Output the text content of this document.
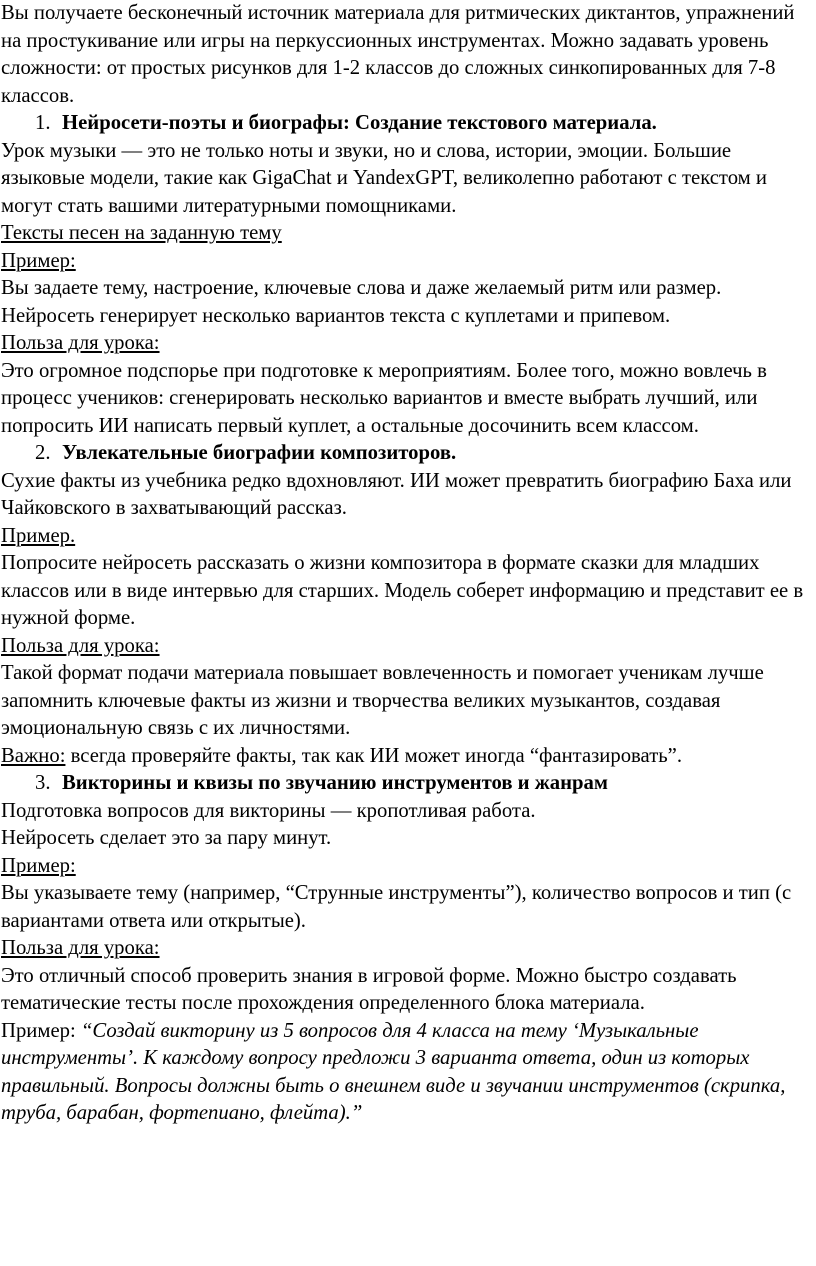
Вы получаете бесконечный источник материала для ритмических диктантов, упражнений на простукивание или игры на перкуссионных инструментах. Можно задавать уровень сложности: от простых рисунков для 1-2 классов до сложных синкопированных для 7-8 классов.

1. Нейросети-поэты и биографы: Создание текстового материала.

Урок музыки — это не только ноты и звуки, но и слова, истории, эмоции. Большие языковые модели, такие как GigaChat и YandexGPT, великолепно работают с текстом и могут стать вашими литературными помощниками.

Тексты песен на заданную тему

Пример:

Вы задаете тему, настроение, ключевые слова и даже желаемый ритм или размер. Нейросеть генерирует несколько вариантов текста с куплетами и припевом.

Польза для урока:

Это огромное подспорье при подготовке к мероприятиям. Более того, можно вовлечь в процесс учеников: сгенерировать несколько вариантов и вместе выбрать лучший, или попросить ИИ написать первый куплет, а остальные досочинить всем классом.

2. Увлекательные биографии композиторов.

Сухие факты из учебника редко вдохновляют. ИИ может превратить биографию Баха или Чайковского в захватывающий рассказ.

Пример.

Попросите нейросеть рассказать о жизни композитора в формате сказки для младших классов или в виде интервью для старших. Модель соберет информацию и представит ее в нужной форме.

Польза для урока:

Такой формат подачи материала повышает вовлеченность и помогает ученикам лучше запомнить ключевые факты из жизни и творчества великих музыкантов, создавая эмоциональную связь с их личностями.

Важно: всегда проверяйте факты, так как ИИ может иногда “фантазировать”.

3. Викторины и квизы по звучанию инструментов и жанрам

Подготовка вопросов для викторины — кропотливая работа.

Нейросеть сделает это за пару минут.

Пример:

Вы указываете тему (например, “Струнные инструменты”), количество вопросов и тип (с вариантами ответа или открытые).

Польза для урока:

Это отличный способ проверить знания в игровой форме. Можно быстро создавать тематические тесты после прохождения определенного блока материала.

Пример: “Создай викторину из 5 вопросов для 4 класса на тему ‘Музыкальные инструменты’. К каждому вопросу предложи 3 варианта ответа, один из которых правильный. Вопросы должны быть о внешнем виде и звучании инструментов (скрипка, труба, барабан, фортепиано, флейта).”
